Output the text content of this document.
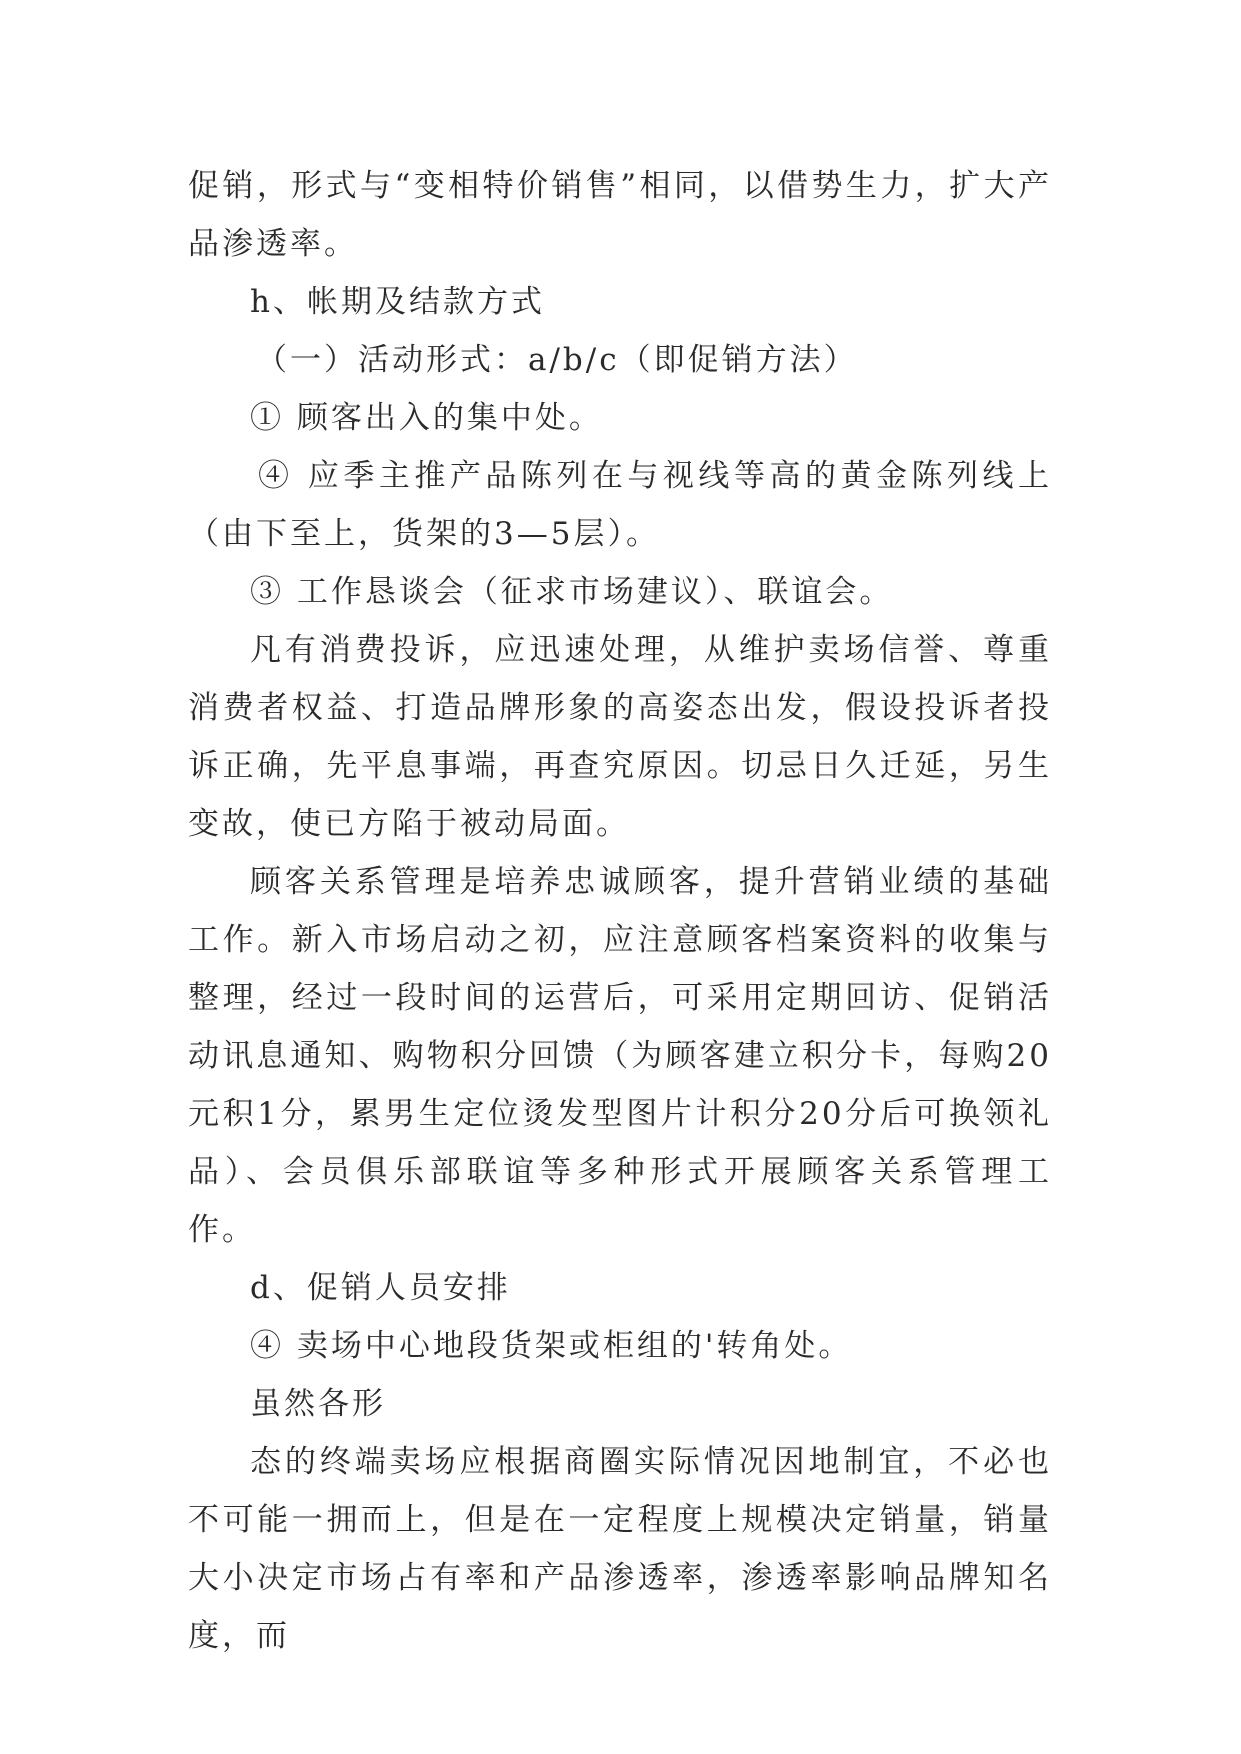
促销，形式与“变相特价销售”相同，以借势生力，扩大产品渗透率。

h、帐期及结款方式

（一）活动形式：a/b/c（即促销方法）

① 顾客出入的集中处。

④ 应季主推产品陈列在与视线等高的黄金陈列线上（由下至上，货架的3—5层）。

③ 工作恳谈会（征求市场建议）、联谊会。

凡有消费投诉，应迅速处理，从维护卖场信誉、尊重消费者权益、打造品牌形象的高姿态出发，假设投诉者投诉正确，先平息事端，再查究原因。切忌日久迁延，另生变故，使已方陷于被动局面。

顾客关系管理是培养忠诚顾客，提升营销业绩的基础工作。新入市场启动之初，应注意顾客档案资料的收集与整理，经过一段时间的运营后，可采用定期回访、促销活动讯息通知、购物积分回馈（为顾客建立积分卡，每购20元积1分，累男生定位烫发型图片计积分20分后可换领礼品）、会员俱乐部联谊等多种形式开展顾客关系管理工作。

d、促销人员安排

④ 卖场中心地段货架或柜组的'转角处。

虽然各形

态的终端卖场应根据商圈实际情况因地制宜，不必也不可能一拥而上，但是在一定程度上规模决定销量，销量大小决定市场占有率和产品渗透率，渗透率影响品牌知名度，而
